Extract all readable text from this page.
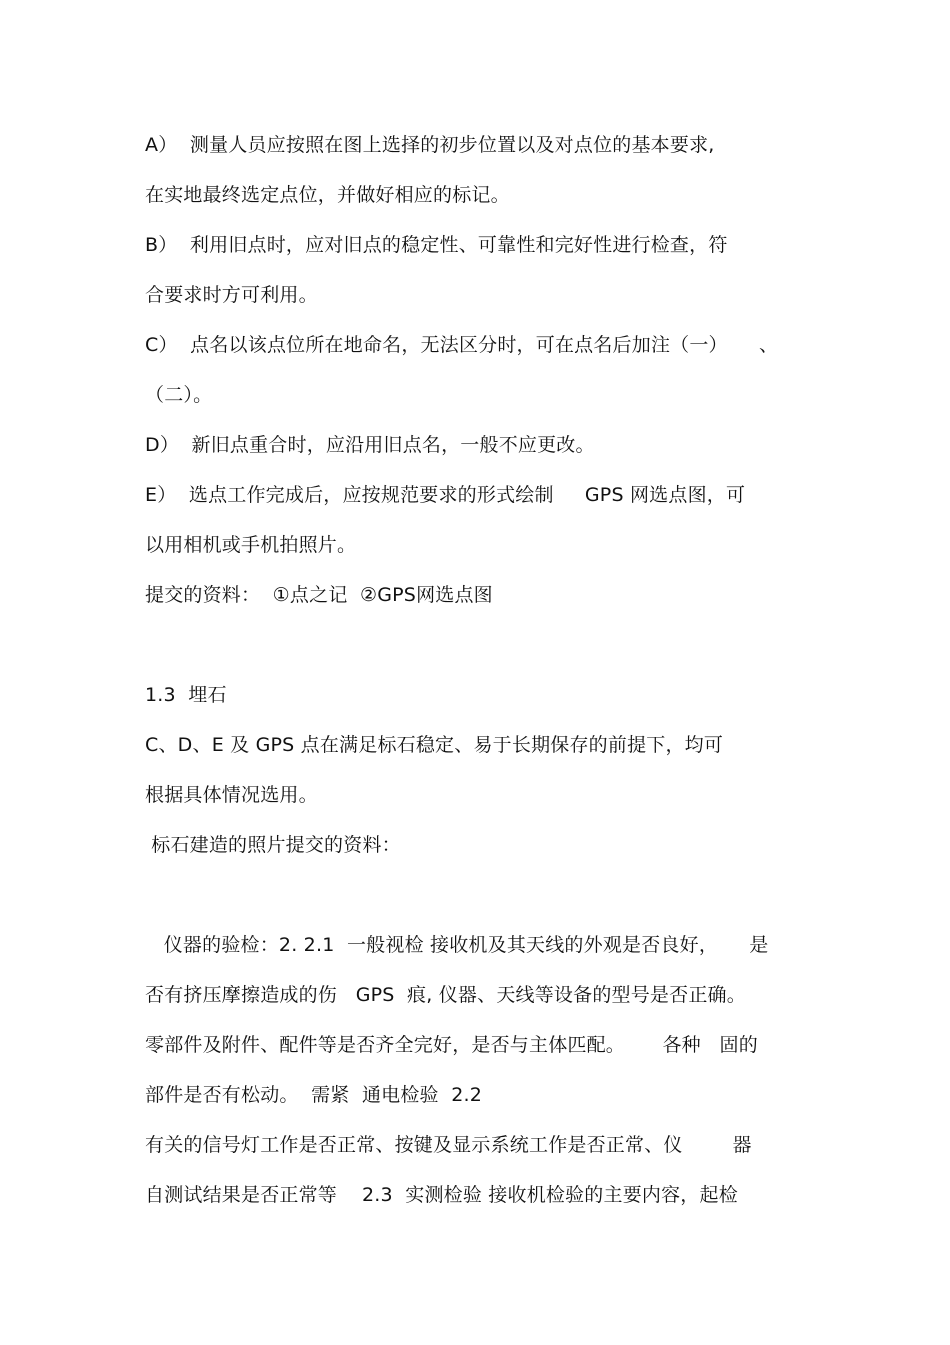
A）  测量人员应按照在图上选择的初步位置以及对点位的基本要求,
在实地最终选定点位，并做好相应的标记。
B）  利用旧点时，应对旧点的稳定性、可靠性和完好性进行检查，符
合要求时方可利用。
C）  点名以该点位所在地命名，无法区分时，可在点名后加注（一）     、
（二）。
D）  新旧点重合时，应沿用旧点名，一般不应更改。
E）  选点工作完成后，应按规范要求的形式绘制     GPS 网选点图，可
以用相机或手机拍照片。
提交的资料：  ①点之记  ②GPS网选点图
1.3  埋石
C、D、E 及 GPS 点在满足标石稳定、易于长期保存的前提下，均可
根据具体情况选用。
标石建造的照片提交的资料：
仪器的验检：2. 2.1  一般视检 接收机及其天线的外观是否良好，     是
否有挤压摩擦造成的伤   GPS  痕, 仪器、天线等设备的型号是否正确。
零部件及附件、配件等是否齐全完好，是否与主体匹配。      各种   固的
部件是否有松动。  需紧  通电检验  2.2
有关的信号灯工作是否正常、按键及显示系统工作是否正常、仪        器
自测试结果是否正常等    2.3  实测检验 接收机检验的主要内容，起检
